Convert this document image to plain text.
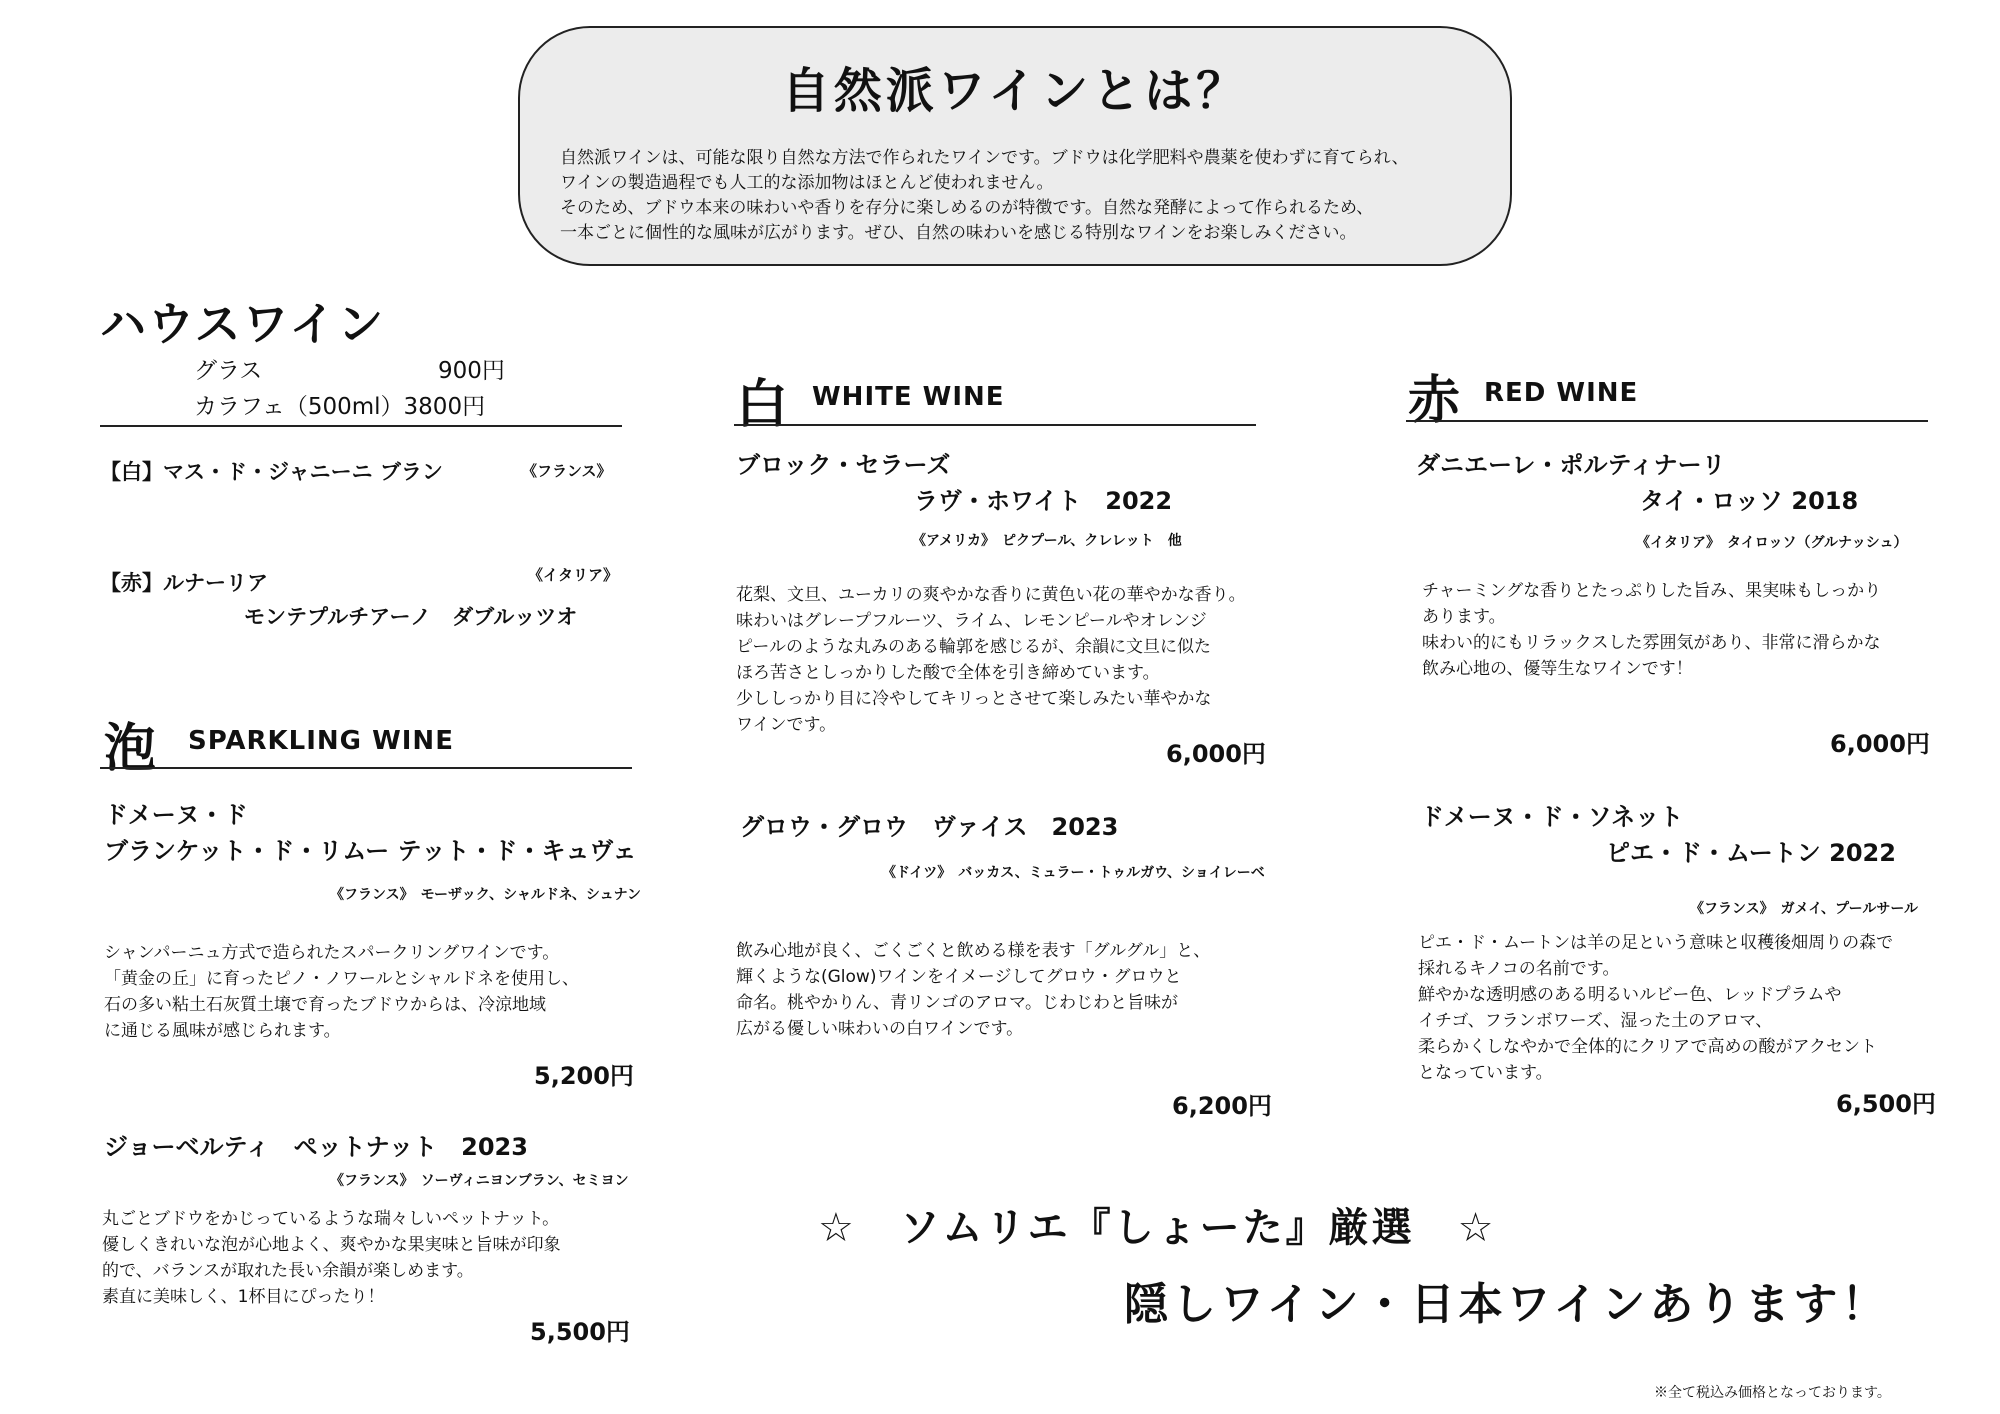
自然派ワインとは？
自然派ワインは、可能な限り自然な方法で作られたワインです。ブドウは化学肥料や農薬を使わずに育てられ、
ワインの製造過程でも人工的な添加物はほとんど使われません。
そのため、ブドウ本来の味わいや香りを存分に楽しめるのが特徴です。自然な発酵によって作られるため、
一本ごとに個性的な風味が広がります。ぜひ、自然の味わいを感じる特別なワインをお楽しみください。
ハウスワイン
グラス	900円
カラフェ（500ml）3800円
【白】マス・ド・ジャニーニ ブラン	《フランス》
【赤】ルナーリア	《イタリア》
モンテプルチアーノ　ダブルッツオ
泡 SPARKLING WINE
ドメーヌ・ド
ブランケット・ド・リムー テット・ド・キュヴェ
《フランス》　モーザック、シャルドネ、シュナン
シャンパーニュ方式で造られたスパークリングワインです。
「黄金の丘」に育ったピノ・ノワールとシャルドネを使用し、
石の多い粘土石灰質土壌で育ったブドウからは、冷涼地域
に通じる風味が感じられます。
5,200円
ジョーベルティ　ペットナット　2023
《フランス》　ソーヴィニヨンブラン、セミヨン
丸ごとブドウをかじっているような瑞々しいペットナット。
優しくきれいな泡が心地よく、爽やかな果実味と旨味が印象
的で、バランスが取れた長い余韻が楽しめます。
素直に美味しく、1杯目にぴったり！
5,500円
白 WHITE WINE
ブロック・セラーズ
ラヴ・ホワイト　2022
《アメリカ》　ピクプール、クレレット　他
花梨、文旦、ユーカリの爽やかな香りに黄色い花の華やかな香り。
味わいはグレープフルーツ、ライム、レモンピールやオレンジ
ピールのような丸みのある輪郭を感じるが、余韻に文旦に似た
ほろ苦さとしっかりした酸で全体を引き締めています。
少ししっかり目に冷やしてキリっとさせて楽しみたい華やかな
ワインです。
6,000円
グロウ・グロウ　ヴァイス　2023
《ドイツ》　バッカス、ミュラー・トゥルガウ、ショイレーベ
飲み心地が良く、ごくごくと飲める様を表す「グルグル」と、
輝くような(Glow)ワインをイメージしてグロウ・グロウと
命名。桃やかりん、青リンゴのアロマ。じわじわと旨味が
広がる優しい味わいの白ワインです。
6,200円
赤 RED WINE
ダニエーレ・ポルティナーリ
タイ・ロッソ 2018
《イタリア》　タイロッソ（グルナッシュ）
チャーミングな香りとたっぷりした旨み、果実味もしっかり
あります。
味わい的にもリラックスした雰囲気があり、非常に滑らかな
飲み心地の、優等生なワインです！
6,000円
ドメーヌ・ド・ソネット
ピエ・ド・ムートン 2022
《フランス》　ガメイ、プールサール
ピエ・ド・ムートンは羊の足という意味と収穫後畑周りの森で
採れるキノコの名前です。
鮮やかな透明感のある明るいルビー色、レッドプラムや
イチゴ、フランボワーズ、湿った土のアロマ、
柔らかくしなやかで全体的にクリアで高めの酸がアクセント
となっています。
6,500円
☆　ソムリエ『しょーた』厳選　☆
隠しワイン・日本ワインあります！
※全て税込み価格となっております。
